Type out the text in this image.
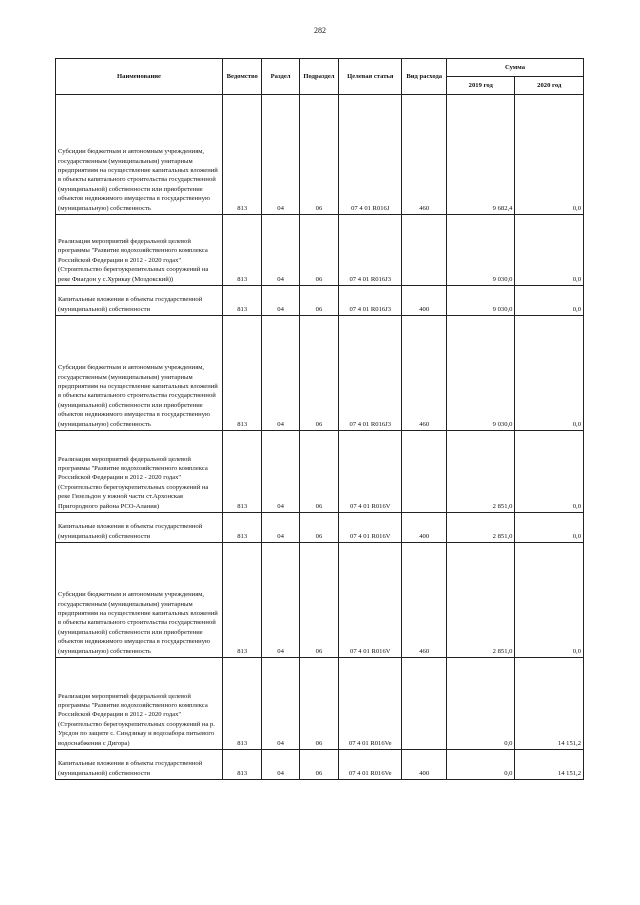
282
Наименование	Ведомство	Раздел	Подраздел	Целевая статья	Вид расхода	Сумма	
						2019 год	2020 год
Субсидии бюджетным и автономным учреждениям, государственным (муниципальным) унитарным предприятиям на осуществление капитальных вложений в объекты капитального строительства государственной (муниципальной) собственности или приобретение объектов недвижимого имущества в государственную (муниципальную) собственность	813	04	06	07 4 01 R016J	460	9 682,4	0,0
Реализация мероприятий федеральной целевой программы "Развитие водохозяйственного комплекса Российской Федерации в 2012 - 2020 годах" (Строительство берегоукрепительных сооружений на реке Фиагдон у с.Хурикау (Моздокский))	813	04	06	07 4 01 R016J3		9 030,0	0,0
Капитальные вложения в объекты государственной (муниципальной) собственности	813	04	06	07 4 01 R016J3	400	9 030,0	0,0
Субсидии бюджетным и автономным учреждениям, государственным (муниципальным) унитарным предприятиям на осуществление капитальных вложений в объекты капитального строительства государственной (муниципальной) собственности или приобретение объектов недвижимого имущества в государственную (муниципальную) собственность	813	04	06	07 4 01 R016J3	460	9 030,0	0,0
Реализация мероприятий федеральной целевой программы "Развитие водохозяйственного комплекса Российской Федерации в 2012 - 2020 годах" (Строительство берегоукрепительных сооружений на реке Гизельдон у южной части ст.Архонская Пригородного района РСО-Алания)	813	04	06	07 4 01 R016V		2 851,0	0,0
Капитальные вложения в объекты государственной (муниципальной) собственности	813	04	06	07 4 01 R016V	400	2 851,0	0,0
Субсидии бюджетным и автономным учреждениям, государственным (муниципальным) унитарным предприятиям на осуществление капитальных вложений в объекты капитального строительства государственной (муниципальной) собственности или приобретение объектов недвижимого имущества в государственную (муниципальную) собственность	813	04	06	07 4 01 R016V	460	2 851,0	0,0
Реализация мероприятий федеральной целевой программы "Развитие водохозяйственного комплекса Российской Федерации в 2012 - 2020 годах" (Строительство берегоукрепительных сооружений на р. Урсдон по защите с. Синдзикау и водозабора питьевого водоснабжения с Дигора)	813	04	06	07 4 01 R016Ve		0,0	14 151,2
Капитальные вложения в объекты государственной (муниципальной) собственности	813	04	06	07 4 01 R016Ve	400	0,0	14 151,2
